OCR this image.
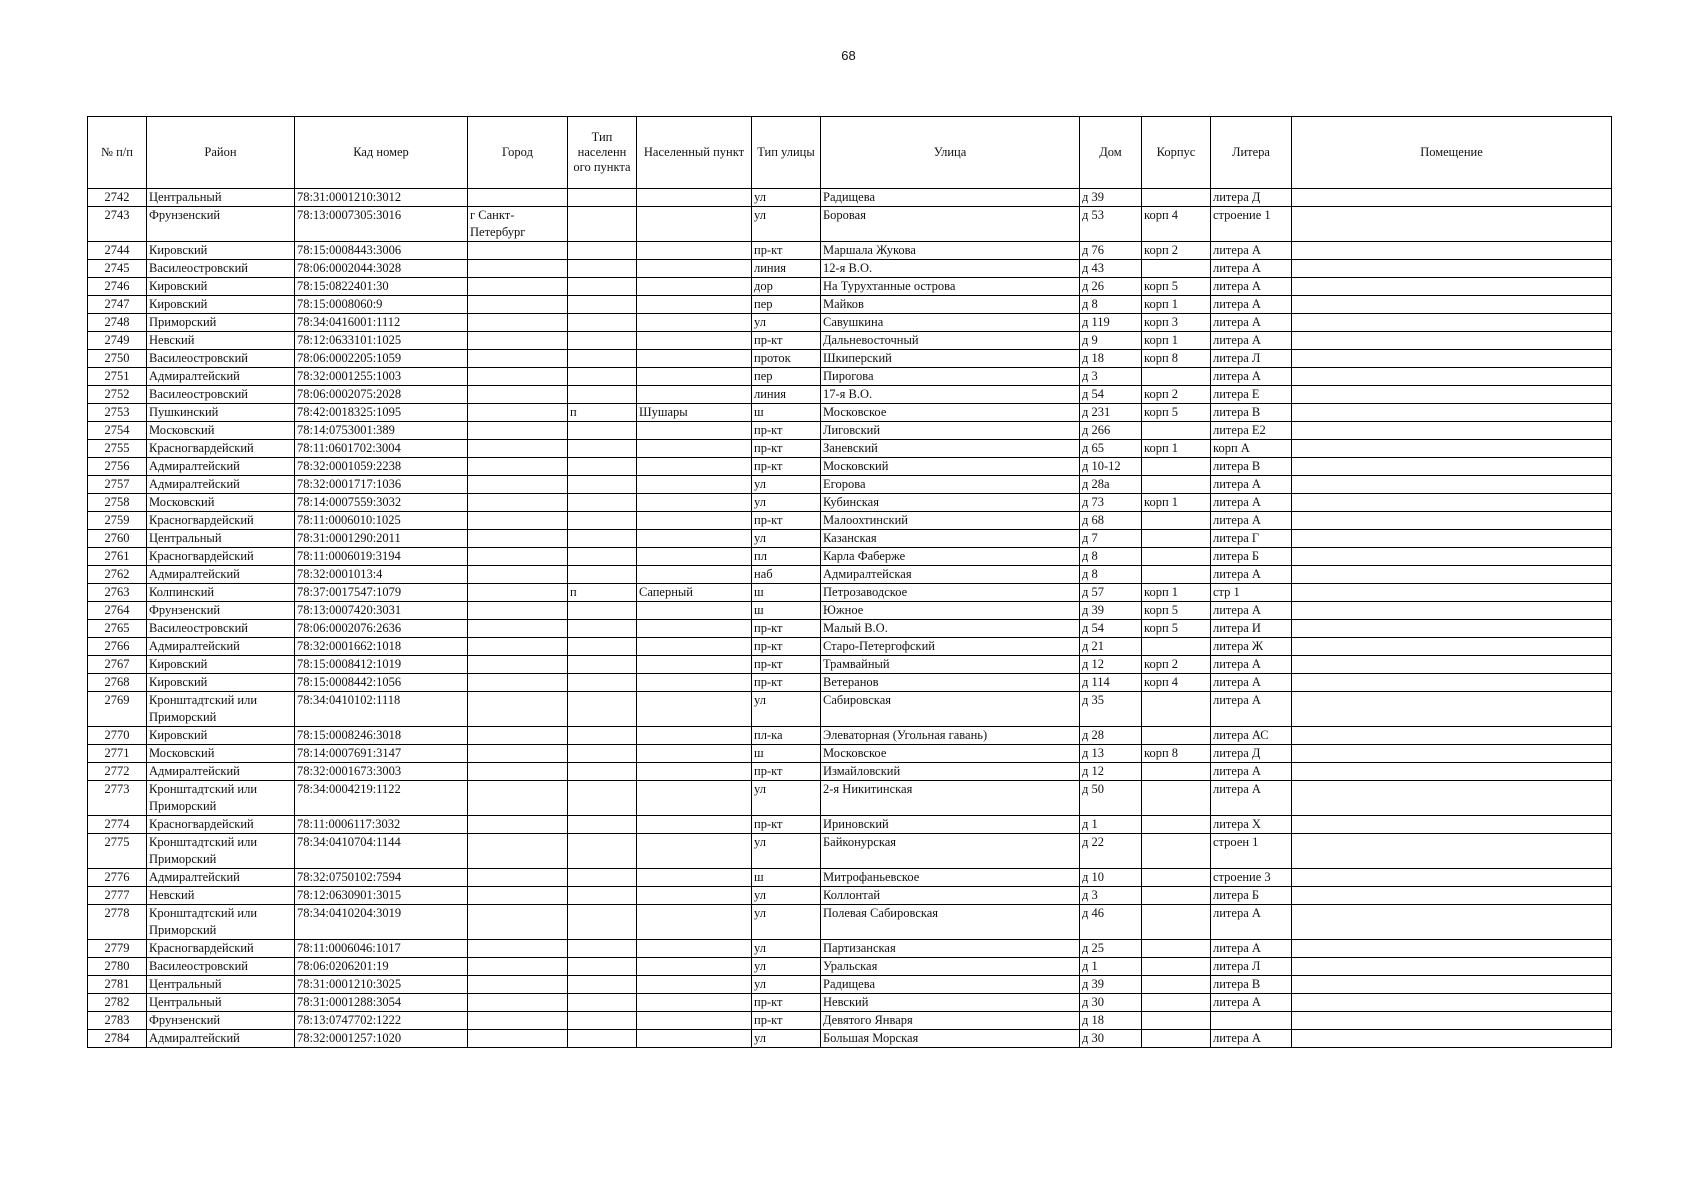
68
№ п/п	Район	Кад номер	Город	Тип населенн ого пункта	Населенный пункт	Тип улицы	Улица	Дом	Корпус	Литера	Помещение
2742	Центральный	78:31:0001210:3012				ул	Радищева	д 39		литера Д	
2743	Фрунзенский	78:13:0007305:3016	г Санкт-Петербург			ул	Боровая	д 53	корп 4	строение 1	
2744	Кировский	78:15:0008443:3006				пр-кт	Маршала Жукова	д 76	корп 2	литера А	
2745	Василеостровский	78:06:0002044:3028				линия	12-я В.О.	д 43		литера А	
2746	Кировский	78:15:0822401:30				дор	На Турухтанные острова	д 26	корп 5	литера А	
2747	Кировский	78:15:0008060:9				пер	Майков	д 8	корп 1	литера А	
2748	Приморский	78:34:0416001:1112				ул	Савушкина	д 119	корп 3	литера А	
2749	Невский	78:12:0633101:1025				пр-кт	Дальневосточный	д 9	корп 1	литера А	
2750	Василеостровский	78:06:0002205:1059				проток	Шкиперский	д 18	корп 8	литера Л	
2751	Адмиралтейский	78:32:0001255:1003				пер	Пирогова	д 3		литера А	
2752	Василеостровский	78:06:0002075:2028				линия	17-я В.О.	д 54	корп 2	литера Е	
2753	Пушкинский	78:42:0018325:1095		п	Шушары	ш	Московское	д 231	корп 5	литера В	
2754	Московский	78:14:0753001:389				пр-кт	Лиговский	д 266		литера Е2	
2755	Красногвардейский	78:11:0601702:3004				пр-кт	Заневский	д 65	корп 1	корп А	
2756	Адмиралтейский	78:32:0001059:2238				пр-кт	Московский	д 10-12		литера В	
2757	Адмиралтейский	78:32:0001717:1036				ул	Егорова	д 28а		литера А	
2758	Московский	78:14:0007559:3032				ул	Кубинская	д 73	корп 1	литера А	
2759	Красногвардейский	78:11:0006010:1025				пр-кт	Малоохтинский	д 68		литера А	
2760	Центральный	78:31:0001290:2011				ул	Казанская	д 7		литера Г	
2761	Красногвардейский	78:11:0006019:3194				пл	Карла Фаберже	д 8		литера Б	
2762	Адмиралтейский	78:32:0001013:4				наб	Адмиралтейская	д 8		литера А	
2763	Колпинский	78:37:0017547:1079		п	Саперный	ш	Петрозаводское	д 57	корп 1	стр 1	
2764	Фрунзенский	78:13:0007420:3031				ш	Южное	д 39	корп 5	литера А	
2765	Василеостровский	78:06:0002076:2636				пр-кт	Малый В.О.	д 54	корп 5	литера И	
2766	Адмиралтейский	78:32:0001662:1018				пр-кт	Старо-Петергофский	д 21		литера Ж	
2767	Кировский	78:15:0008412:1019				пр-кт	Трамвайный	д 12	корп 2	литера А	
2768	Кировский	78:15:0008442:1056				пр-кт	Ветеранов	д 114	корп 4	литера А	
2769	Кронштадтский или Приморский	78:34:0410102:1118				ул	Сабировская	д 35		литера А	
2770	Кировский	78:15:0008246:3018				пл-ка	Элеваторная (Угольная гавань)	д 28		литера АС	
2771	Московский	78:14:0007691:3147				ш	Московское	д 13	корп 8	литера Д	
2772	Адмиралтейский	78:32:0001673:3003				пр-кт	Измайловский	д 12		литера А	
2773	Кронштадтский или Приморский	78:34:0004219:1122				ул	2-я Никитинская	д 50		литера А	
2774	Красногвардейский	78:11:0006117:3032				пр-кт	Ириновский	д 1		литера Х	
2775	Кронштадтский или Приморский	78:34:0410704:1144				ул	Байконурская	д 22		строен 1	
2776	Адмиралтейский	78:32:0750102:7594				ш	Митрофаньевское	д 10		строение 3	
2777	Невский	78:12:0630901:3015				ул	Коллонтай	д 3		литера Б	
2778	Кронштадтский или Приморский	78:34:0410204:3019				ул	Полевая Сабировская	д 46		литера А	
2779	Красногвардейский	78:11:0006046:1017				ул	Партизанская	д 25		литера А	
2780	Василеостровский	78:06:0206201:19				ул	Уральская	д 1		литера Л	
2781	Центральный	78:31:0001210:3025				ул	Радищева	д 39		литера В	
2782	Центральный	78:31:0001288:3054				пр-кт	Невский	д 30		литера А	
2783	Фрунзенский	78:13:0747702:1222				пр-кт	Девятого Января	д 18			
2784	Адмиралтейский	78:32:0001257:1020				ул	Большая Морская	д 30		литера А	
